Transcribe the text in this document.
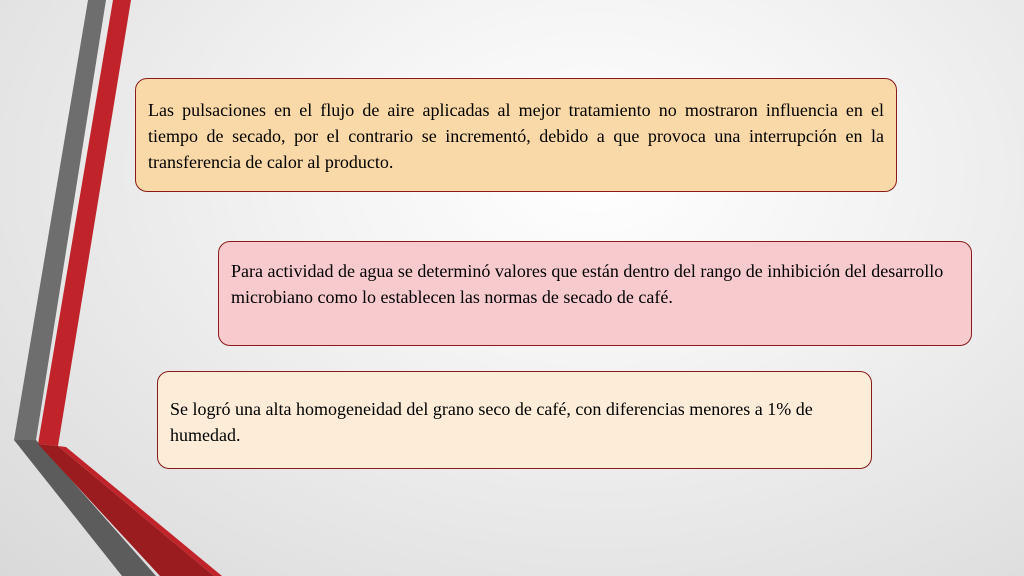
Las pulsaciones en el flujo de aire aplicadas al mejor tratamiento no mostraron influencia en el tiempo de secado, por el contrario se incrementó, debido a que provoca una interrupción en la transferencia de calor al producto.
Para actividad de agua se determinó valores que están dentro del rango de inhibición del desarrollo microbiano como lo establecen las normas de secado de café.
Se logró una alta homogeneidad del grano seco de café, con diferencias menores a 1% de humedad.
